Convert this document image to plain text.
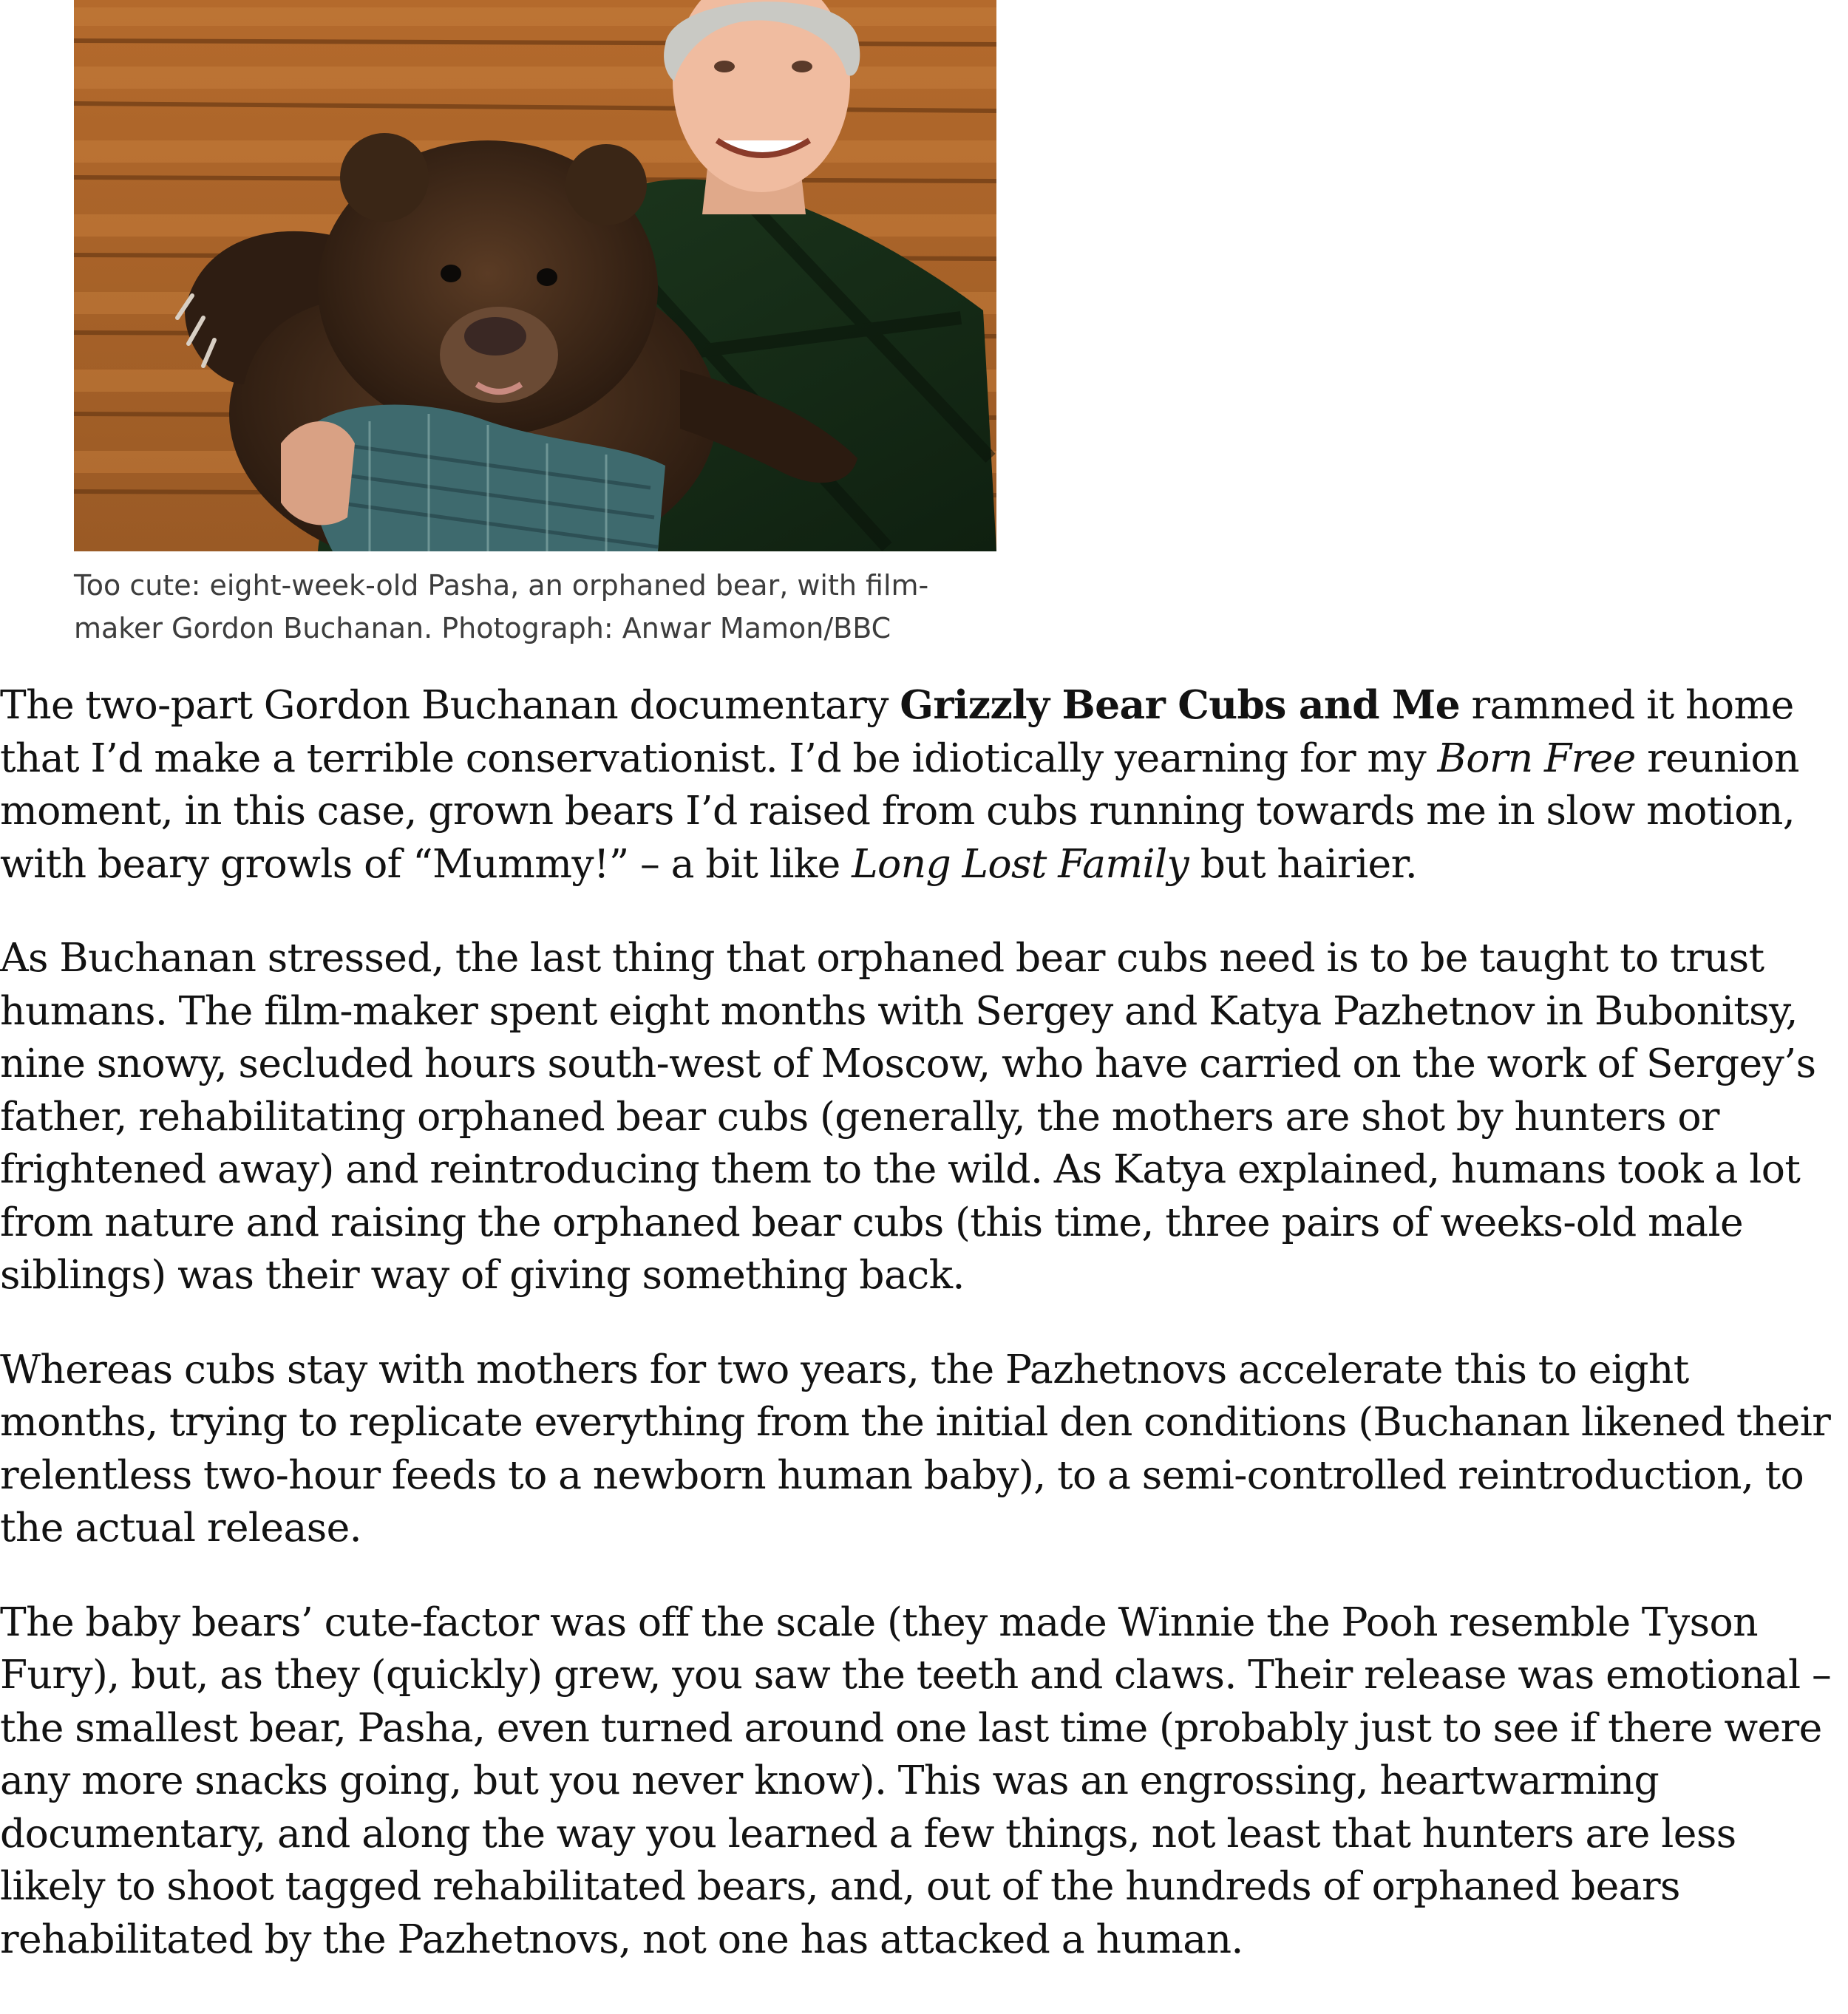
Too cute: eight-week-old Pasha, an orphaned bear, with film-maker Gordon Buchanan. Photograph: Anwar Mamon/BBC

The two-part Gordon Buchanan documentary Grizzly Bear Cubs and Me rammed it home that I’d make a terrible conservationist. I’d be idiotically yearning for my Born Free reunion moment, in this case, grown bears I’d raised from cubs running towards me in slow motion, with beary growls of “Mummy!” – a bit like Long Lost Family but hairier.

As Buchanan stressed, the last thing that orphaned bear cubs need is to be taught to trust humans. The film-maker spent eight months with Sergey and Katya Pazhetnov in Bubonitsy, nine snowy, secluded hours south-west of Moscow, who have carried on the work of Sergey’s father, rehabilitating orphaned bear cubs (generally, the mothers are shot by hunters or frightened away) and reintroducing them to the wild. As Katya explained, humans took a lot from nature and raising the orphaned bear cubs (this time, three pairs of weeks-old male siblings) was their way of giving something back.

Whereas cubs stay with mothers for two years, the Pazhetnovs accelerate this to eight months, trying to replicate everything from the initial den conditions (Buchanan likened their relentless two-hour feeds to a newborn human baby), to a semi-controlled reintroduction, to the actual release.

The baby bears’ cute-factor was off the scale (they made Winnie the Pooh resemble Tyson Fury), but, as they (quickly) grew, you saw the teeth and claws. Their release was emotional – the smallest bear, Pasha, even turned around one last time (probably just to see if there were any more snacks going, but you never know). This was an engrossing, heartwarming documentary, and along the way you learned a few things, not least that hunters are less likely to shoot tagged rehabilitated bears, and, out of the hundreds of orphaned bears rehabilitated by the Pazhetnovs, not one has attacked a human.
